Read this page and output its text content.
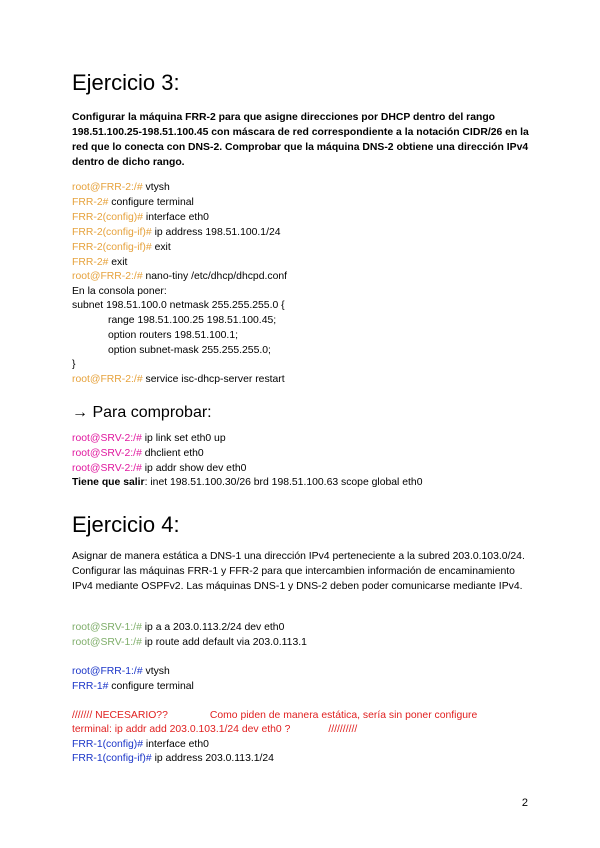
Ejercicio 3:
Configurar la máquina FRR-2 para que asigne direcciones por DHCP dentro del rango 198.51.100.25-198.51.100.45 con máscara de red correspondiente a la notación CIDR/26 en la red que lo conecta con DNS-2. Comprobar que la máquina DNS-2 obtiene una dirección IPv4 dentro de dicho rango.
root@FRR-2:/# vtysh
FRR-2# configure terminal
FRR-2(config)# interface eth0
FRR-2(config-if)# ip address 198.51.100.1/24
FRR-2(config-if)# exit
FRR-2# exit
root@FRR-2:/# nano-tiny /etc/dhcp/dhcpd.conf
En la consola poner:
subnet 198.51.100.0 netmask 255.255.255.0 {
range 198.51.100.25 198.51.100.45;
option routers 198.51.100.1;
option subnet-mask 255.255.255.0;
}
root@FRR-2:/# service isc-dhcp-server restart
→ Para comprobar:
root@SRV-2:/# ip link set eth0 up
root@SRV-2:/# dhclient eth0
root@SRV-2:/# ip addr show dev eth0
Tiene que salir: inet 198.51.100.30/26 brd 198.51.100.63 scope global eth0
Ejercicio 4:
Asignar de manera estática a DNS-1 una dirección IPv4 perteneciente a la subred 203.0.103.0/24. Configurar las máquinas FRR-1 y FFR-2 para que intercambien información de encaminamiento IPv4 mediante OSPFv2. Las máquinas DNS-1 y DNS-2 deben poder comunicarse mediante IPv4.
root@SRV-1:/# ip a a 203.0.113.2/24 dev eth0
root@SRV-1:/# ip route add default via 203.0.113.1
root@FRR-1:/# vtysh
FRR-1# configure terminal
/////// NECESARIO??	Como piden de manera estática, sería sin poner configure
terminal: ip addr add 203.0.103.1/24 dev eth0 ?	//////////
FRR-1(config)# interface eth0
FRR-1(config-if)# ip address 203.0.113.1/24
2
